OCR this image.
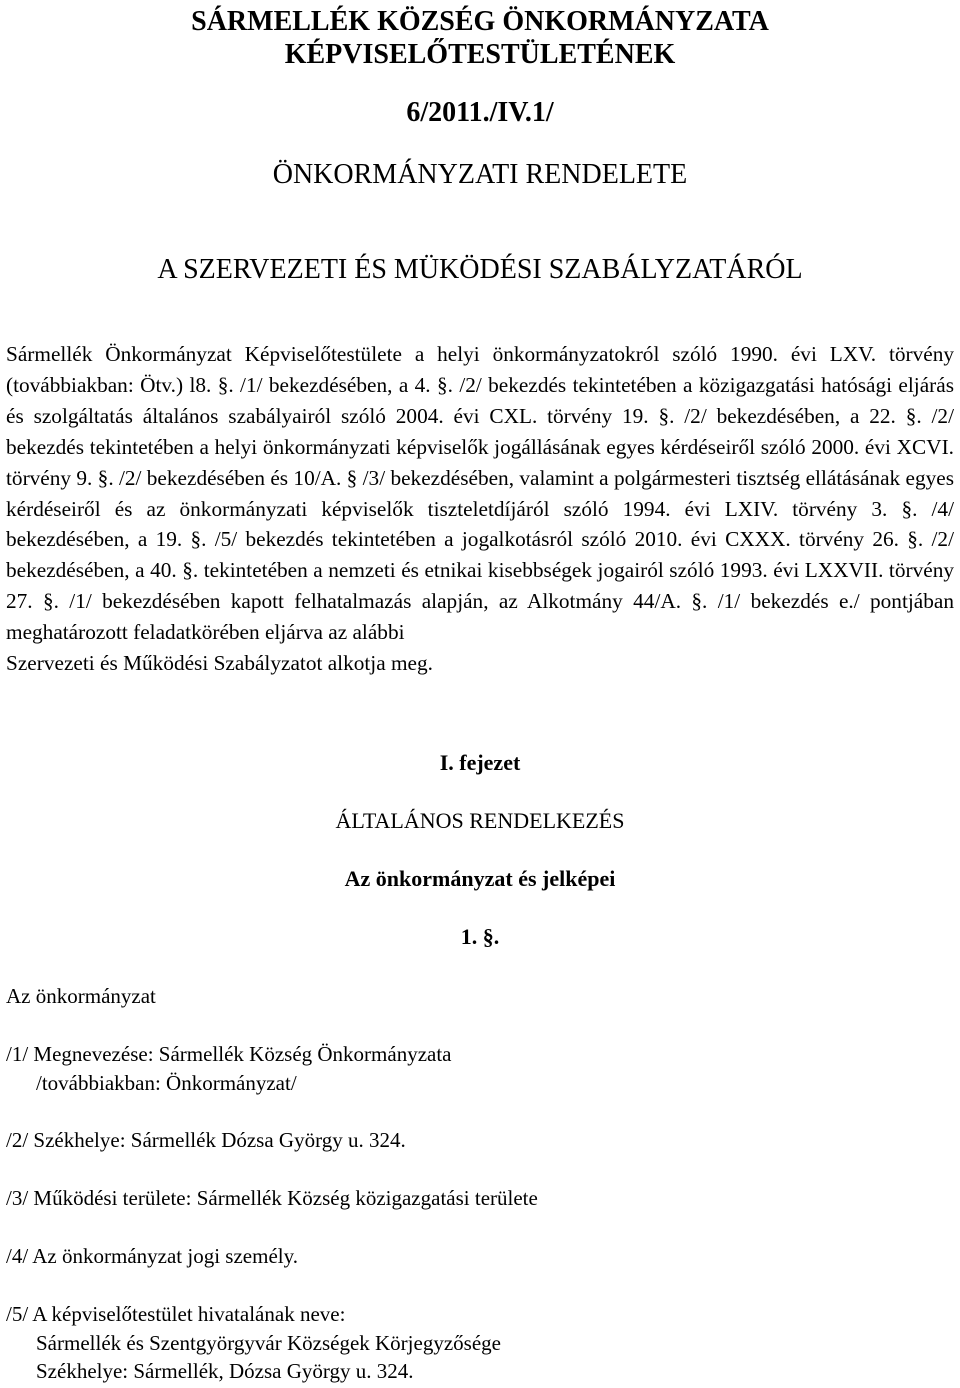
SÁRMELLÉK KÖZSÉG ÖNKORMÁNYZATA
KÉPVISELŐTESTÜLETÉNEK
6/2011./IV.1/
ÖNKORMÁNYZATI RENDELETE
A SZERVEZETI ÉS MÜKÖDÉSI SZABÁLYZATÁRÓL
Sármellék Önkormányzat Képviselőtestülete a helyi önkormányzatokról szóló 1990. évi LXV. törvény (továbbiakban: Ötv.) l8. §. /1/ bekezdésében, a 4. §. /2/ bekezdés tekintetében a közigazgatási hatósági eljárás és szolgáltatás általános szabályairól szóló 2004. évi CXL. törvény 19. §. /2/ bekezdésében, a 22. §. /2/ bekezdés tekintetében a helyi önkormányzati képviselők jogállásának egyes kérdéseiről szóló 2000. évi XCVI. törvény 9. §. /2/ bekezdésében és 10/A. § /3/ bekezdésében, valamint a polgármesteri tisztség ellátásának egyes kérdéseiről és az önkormányzati képviselők tiszteletdíjáról szóló 1994. évi LXIV. törvény 3. §. /4/ bekezdésében, a 19. §. /5/ bekezdés tekintetében a jogalkotásról szóló 2010. évi CXXX. törvény 26. §. /2/ bekezdésében, a 40. §. tekintetében a nemzeti és etnikai kisebbségek jogairól szóló 1993. évi LXXVII. törvény 27. §. /1/ bekezdésében kapott felhatalmazás alapján, az Alkotmány 44/A. §. /1/ bekezdés e./ pontjában meghatározott feladatkörében eljárva az alábbi
Szervezeti és Működési Szabályzatot alkotja meg.
I. fejezet
ÁLTALÁNOS RENDELKEZÉS
Az önkormányzat és jelképei
1. §.
Az önkormányzat
/1/ Megnevezése: Sármellék Község Önkormányzata
/továbbiakban: Önkormányzat/
/2/ Székhelye: Sármellék Dózsa György u. 324.
/3/ Működési területe: Sármellék Község közigazgatási területe
/4/ Az önkormányzat jogi személy.
/5/ A képviselőtestület hivatalának neve:
Sármellék és Szentgyörgyvár Községek Körjegyzősége
Székhelye: Sármellék, Dózsa György u. 324.
